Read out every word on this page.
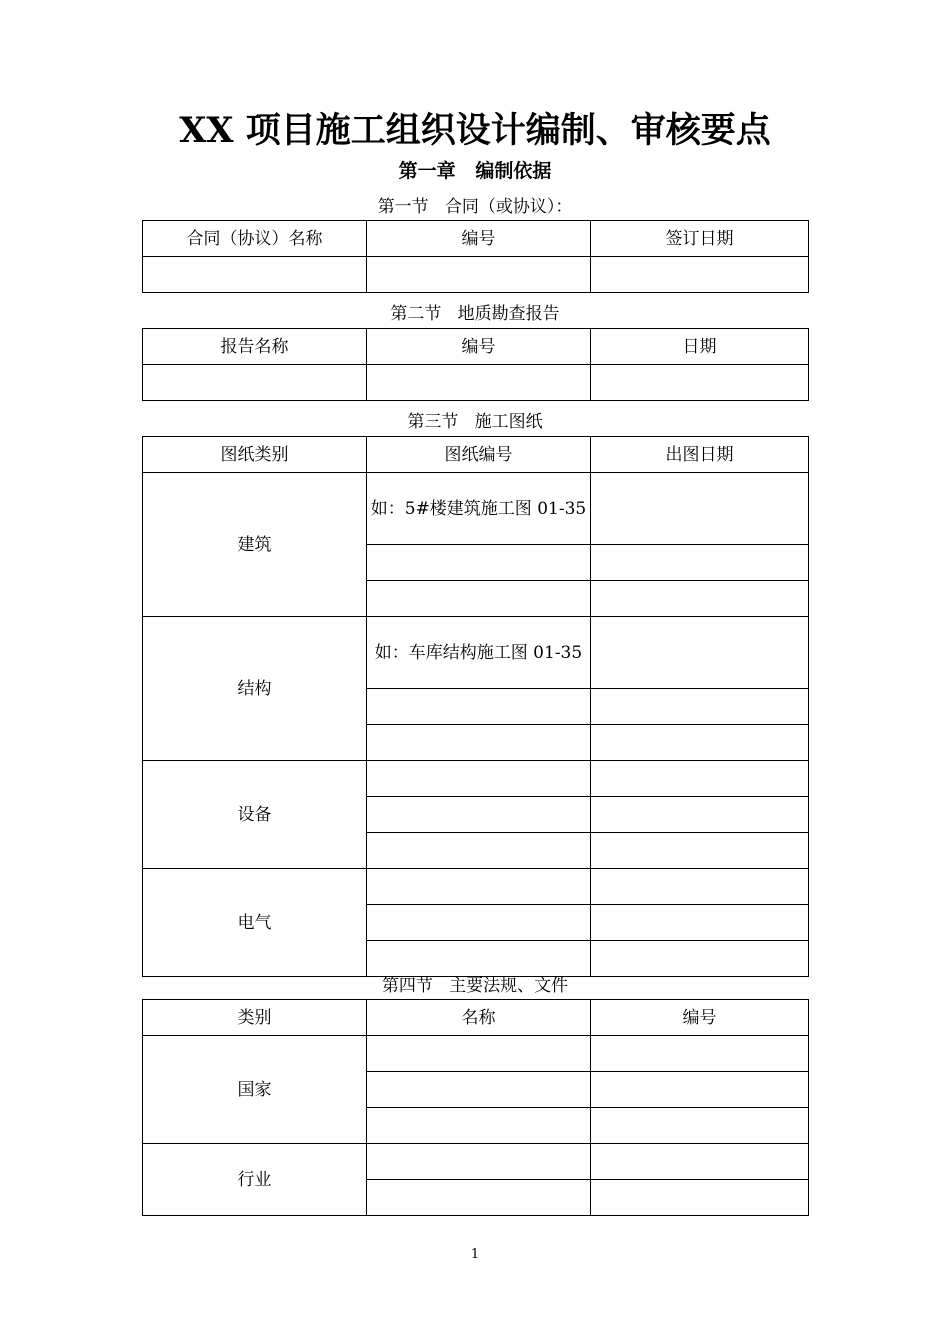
XX 项目施工组织设计编制、审核要点
第一章   编制依据
第一节   合同（或协议）：
合同（协议）名称	编号	签订日期

第二节   地质勘查报告
报告名称	编号	日期

第三节   施工图纸
图纸类别	图纸编号	出图日期
建筑	如：5#楼建筑施工图 01-35	

结构	如：车库结构施工图 01-35	

设备		

电气		

第四节   主要法规、文件
类别	名称	编号
国家		

行业		

1
